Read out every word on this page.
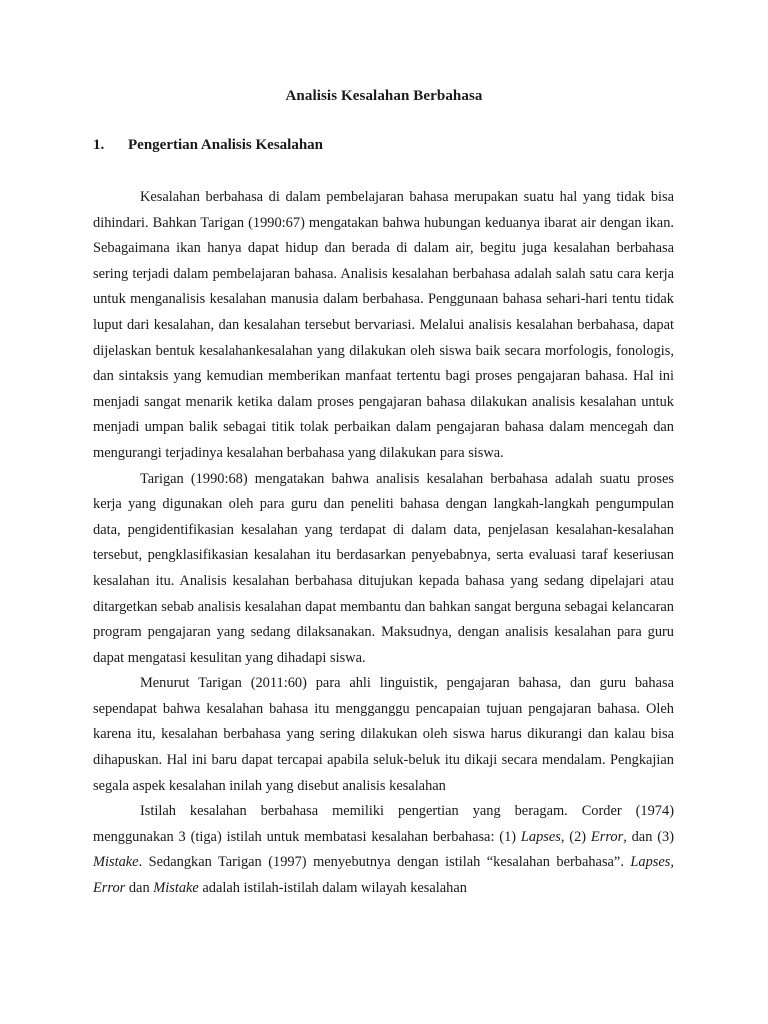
Analisis Kesalahan Berbahasa
1. Pengertian Analisis Kesalahan

Kesalahan berbahasa di dalam pembelajaran bahasa merupakan suatu hal yang tidak bisa dihindari. Bahkan Tarigan (1990:67) mengatakan bahwa hubungan keduanya ibarat air dengan ikan. Sebagaimana ikan hanya dapat hidup dan berada di dalam air, begitu juga kesalahan berbahasa sering terjadi dalam pembelajaran bahasa. Analisis kesalahan berbahasa adalah salah satu cara kerja untuk menganalisis kesalahan manusia dalam berbahasa. Penggunaan bahasa sehari-hari tentu tidak luput dari kesalahan, dan kesalahan tersebut bervariasi. Melalui analisis kesalahan berbahasa, dapat dijelaskan bentuk kesalahankesalahan yang dilakukan oleh siswa baik secara morfologis, fonologis, dan sintaksis yang kemudian memberikan manfaat tertentu bagi proses pengajaran bahasa. Hal ini menjadi sangat menarik ketika dalam proses pengajaran bahasa dilakukan analisis kesalahan untuk menjadi umpan balik sebagai titik tolak perbaikan dalam pengajaran bahasa dalam mencegah dan mengurangi terjadinya kesalahan berbahasa yang dilakukan para siswa.

Tarigan (1990:68) mengatakan bahwa analisis kesalahan berbahasa adalah suatu proses kerja yang digunakan oleh para guru dan peneliti bahasa dengan langkah-langkah pengumpulan data, pengidentifikasian kesalahan yang terdapat di dalam data, penjelasan kesalahan-kesalahan tersebut, pengklasifikasian kesalahan itu berdasarkan penyebabnya, serta evaluasi taraf keseriusan kesalahan itu. Analisis kesalahan berbahasa ditujukan kepada bahasa yang sedang dipelajari atau ditargetkan sebab analisis kesalahan dapat membantu dan bahkan sangat berguna sebagai kelancaran program pengajaran yang sedang dilaksanakan. Maksudnya, dengan analisis kesalahan para guru dapat mengatasi kesulitan yang dihadapi siswa.

Menurut Tarigan (2011:60) para ahli linguistik, pengajaran bahasa, dan guru bahasa sependapat bahwa kesalahan bahasa itu mengganggu pencapaian tujuan pengajaran bahasa. Oleh karena itu, kesalahan berbahasa yang sering dilakukan oleh siswa harus dikurangi dan kalau bisa dihapuskan. Hal ini baru dapat tercapai apabila seluk-beluk itu dikaji secara mendalam. Pengkajian segala aspek kesalahan inilah yang disebut analisis kesalahan

Istilah kesalahan berbahasa memiliki pengertian yang beragam. Corder (1974) menggunakan 3 (tiga) istilah untuk membatasi kesalahan berbahasa: (1) Lapses, (2) Error, dan (3) Mistake. Sedangkan Tarigan (1997) menyebutnya dengan istilah “kesalahan berbahasa”. Lapses, Error dan Mistake adalah istilah-istilah dalam wilayah kesalahan
